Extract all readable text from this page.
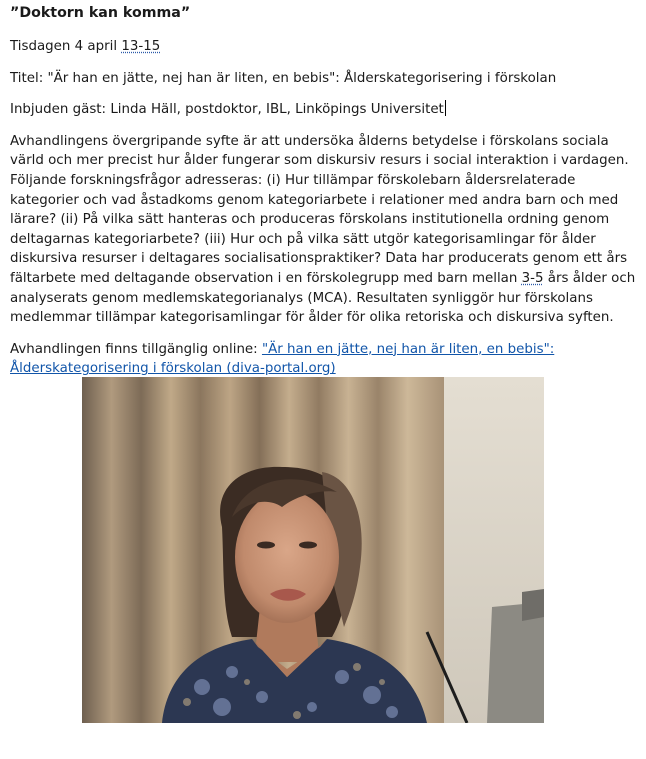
”Doktorn kan komma”

Tisdagen 4 april 13-15

Titel: "Är han en jätte, nej han är liten, en bebis": Ålderskategorisering i förskolan

Inbjuden gäst: Linda Häll, postdoktor, IBL, Linköpings Universitet

Avhandlingens övergripande syfte är att undersöka ålderns betydelse i förskolans sociala värld och mer precist hur ålder fungerar som diskursiv resurs i social interaktion i vardagen. Följande forskningsfrågor adresseras: (i) Hur tillämpar förskolebarn åldersrelaterade kategorier och vad åstadkoms genom kategoriarbete i relationer med andra barn och med lärare? (ii) På vilka sätt hanteras och produceras förskolans institutionella ordning genom deltagarnas kategoriarbete? (iii) Hur och på vilka sätt utgör kategorisamlingar för ålder diskursiva resurser i deltagares socialisationspraktiker? Data har producerats genom ett års fältarbete med deltagande observation i en förskolegrupp med barn mellan 3-5 års ålder och analyserats genom medlemskategorianalys (MCA). Resultaten synliggör hur förskolans medlemmar tillämpar kategorisamlingar för ålder för olika retoriska och diskursiva syften.

Avhandlingen finns tillgänglig online: "Är han en jätte, nej han är liten, en bebis": Ålderskategorisering i förskolan (diva-portal.org)
